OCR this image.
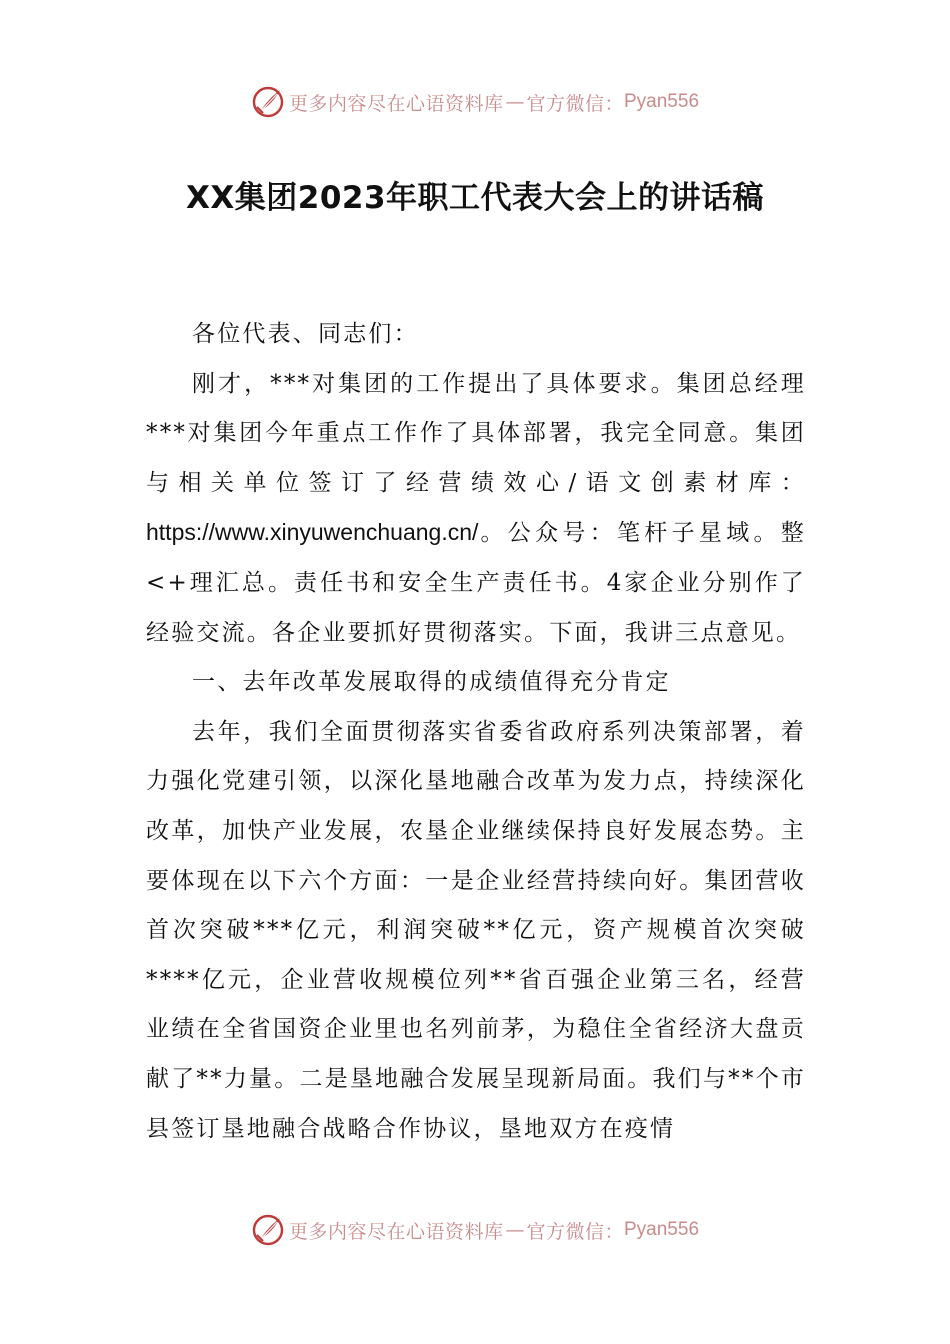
更多内容尽在心语资料库 — 官方微信： Pyan556
XX集团2023年职工代表大会上的讲话稿

各位代表、同志们：

刚才，***对集团的工作提出了具体要求。集团总经理***对集团今年重点工作作了具体部署，我完全同意。集团与相关单位签订了经营绩效心/语文创素材库：https://www.xinyuwenchuang.cn/。公众号：笔杆子星域。整<+理汇总。责任书和安全生产责任书。4家企业分别作了经验交流。各企业要抓好贯彻落实。下面，我讲三点意见。

一、去年改革发展取得的成绩值得充分肯定

去年，我们全面贯彻落实省委省政府系列决策部署，着力强化党建引领，以深化垦地融合改革为发力点，持续深化改革，加快产业发展，农垦企业继续保持良好发展态势。主要体现在以下六个方面：一是企业经营持续向好。集团营收首次突破***亿元，利润突破**亿元，资产规模首次突破****亿元，企业营收规模位列**省百强企业第三名，经营业绩在全省国资企业里也名列前茅，为稳住全省经济大盘贡献了**力量。二是垦地融合发展呈现新局面。我们与**个市县签订垦地融合战略合作协议，垦地双方在疫情

更多内容尽在心语资料库 — 官方微信： Pyan556
